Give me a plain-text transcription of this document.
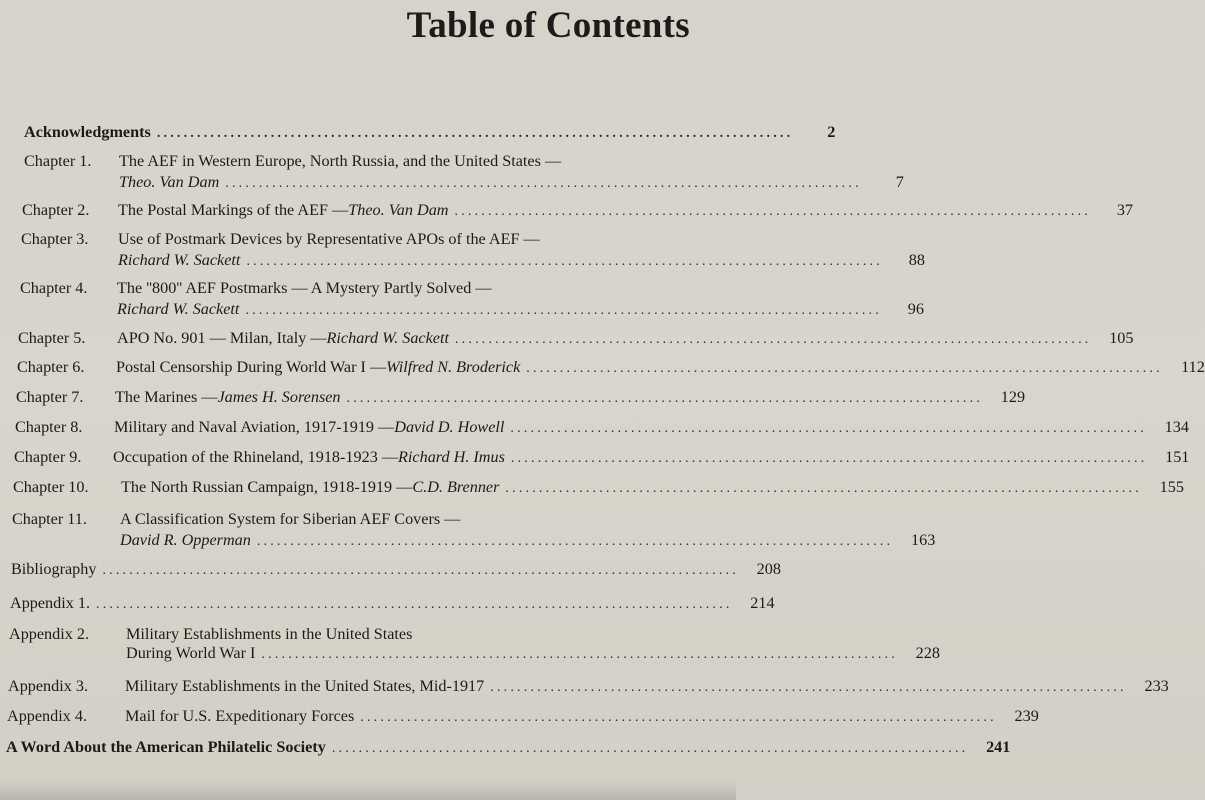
Table of Contents
Acknowledgments ...............................................................................................	2
Chapter 1.	The AEF in Western Europe, North Russia, and the United States —
Theo. Van Dam ...............................................................................................	7
Chapter 2.	The Postal Markings of the AEF — Theo. Van Dam ...............................................................................................	37
Chapter 3.	Use of Postmark Devices by Representative APOs of the AEF —
Richard W. Sackett ...............................................................................................	88
Chapter 4.	The ''800'' AEF Postmarks — A Mystery Partly Solved —
Richard W. Sackett ...............................................................................................	96
Chapter 5.	APO No. 901 — Milan, Italy — Richard W. Sackett ...............................................................................................	105
Chapter 6.	Postal Censorship During World War I — Wilfred N. Broderick ...............................................................................................	112
Chapter 7.	The Marines — James H. Sorensen ...............................................................................................	129
Chapter 8.	Military and Naval Aviation, 1917-1919 — David D. Howell ...............................................................................................	134
Chapter 9.	Occupation of the Rhineland, 1918-1923 — Richard H. Imus ...............................................................................................	151
Chapter 10.	The North Russian Campaign, 1918-1919 — C.D. Brenner ...............................................................................................	155
Chapter 11.	A Classification System for Siberian AEF Covers —
David R. Opperman ...............................................................................................	163
Bibliography ...............................................................................................	208
Appendix 1. ...............................................................................................	214
Appendix 2.	Military Establishments in the United States
During World War I ...............................................................................................	228
Appendix 3.	Military Establishments in the United States, Mid-1917 ...............................................................................................	233
Appendix 4.	Mail for U.S. Expeditionary Forces ...............................................................................................	239
A Word About the American Philatelic Society ...............................................................................................	241
